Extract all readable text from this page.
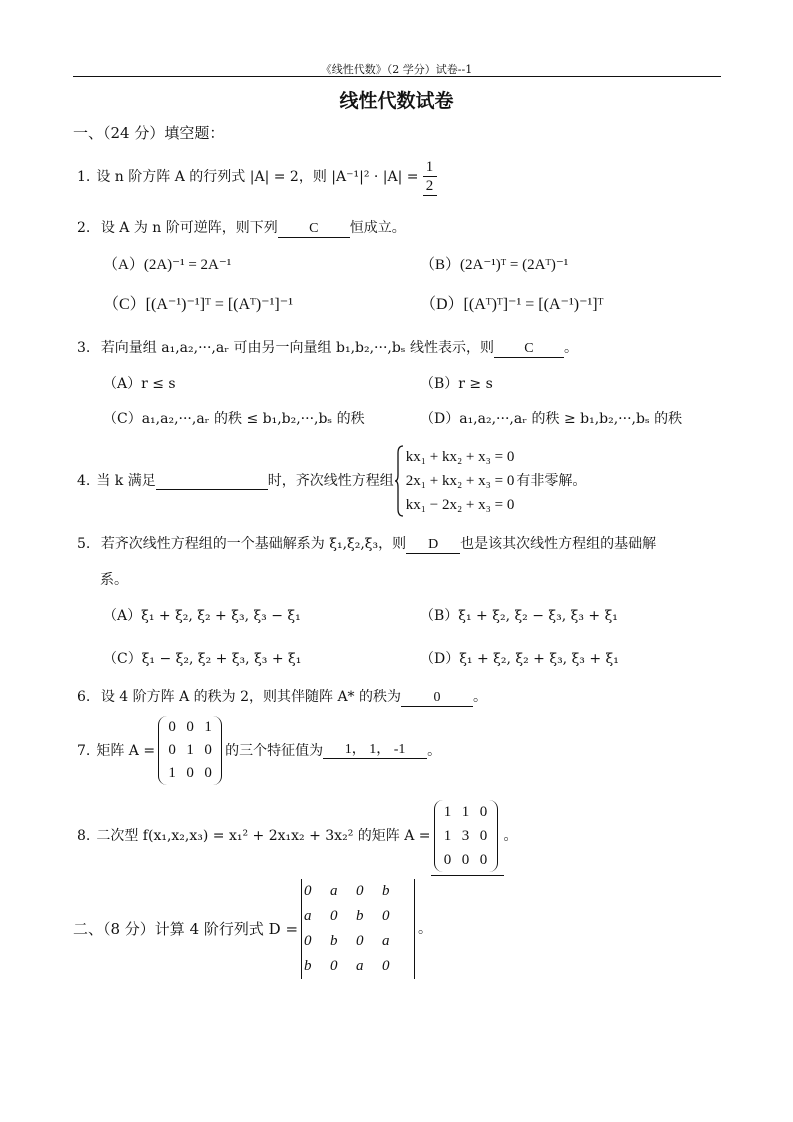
《线性代数》（2 学分）试卷--1
线性代数试卷
一、（24 分）填空题：
1. 设 n 阶方阵 A 的行列式 |A| = 2，则 $|A^{-1}|^2 \cdot |A| = \frac{1}{2}$
2. 设 A 为 n 阶可逆阵，则下列 C 恒成立。
（A）(2A)⁻¹ = 2A⁻¹	（B）(2A⁻¹)ᵀ = (2Aᵀ)⁻¹
（C）[(A⁻¹)⁻¹]ᵀ = [(Aᵀ)⁻¹]⁻¹	（D）[(Aᵀ)ᵀ]⁻¹ = [(A⁻¹)⁻¹]ᵀ
3. 若向量组 a₁,a₂,···,aᵣ 可由另一向量组 b₁,b₂,···,bₛ 线性表示，则 C 。
（A）r ≤ s	（B）r ≥ s
（C）a₁,a₂,···,aᵣ 的秩 ≤ b₁,b₂,···,bₛ 的秩	（D）a₁,a₂,···,aᵣ 的秩 ≥ b₁,b₂,···,bₛ 的秩
4. 当 k 满足	时，齐次线性方程组
kx₁ + kx₂ + x₃ = 0
2x₁ + kx₂ + x₃ = 0
kx₁ − 2x₂ + x₃ = 0
有非零解。
5. 若齐次线性方程组的一个基础解系为 ξ₁,ξ₂,ξ₃，则 D 也是该其次线性方程组的基础解
系。
（A）ξ₁ + ξ₂, ξ₂ + ξ₃, ξ₃ − ξ₁	（B）ξ₁ + ξ₂, ξ₂ − ξ₃, ξ₃ + ξ₁
（C）ξ₁ − ξ₂, ξ₂ + ξ₃, ξ₃ + ξ₁	（D）ξ₁ + ξ₂, ξ₂ + ξ₃, ξ₃ + ξ₁
6. 设 4 阶方阵 A 的秩为 2，则其伴随阵 A* 的秩为 0 。
7. 矩阵 A =
0 0 1
0 1 0
1 0 0
的三个特征值为	1， 1， -1	。
8. 二次型 f(x₁,x₂,x₃) = x₁² + 2x₁x₂ + 3x₂² 的矩阵 A =
1 1 0
1 3 0
0 0 0
。
二、（8 分）计算 4 阶行列式 D =
0	a	0	b
a	0	b	0
0	b	0	a
b	0	a	0
。
